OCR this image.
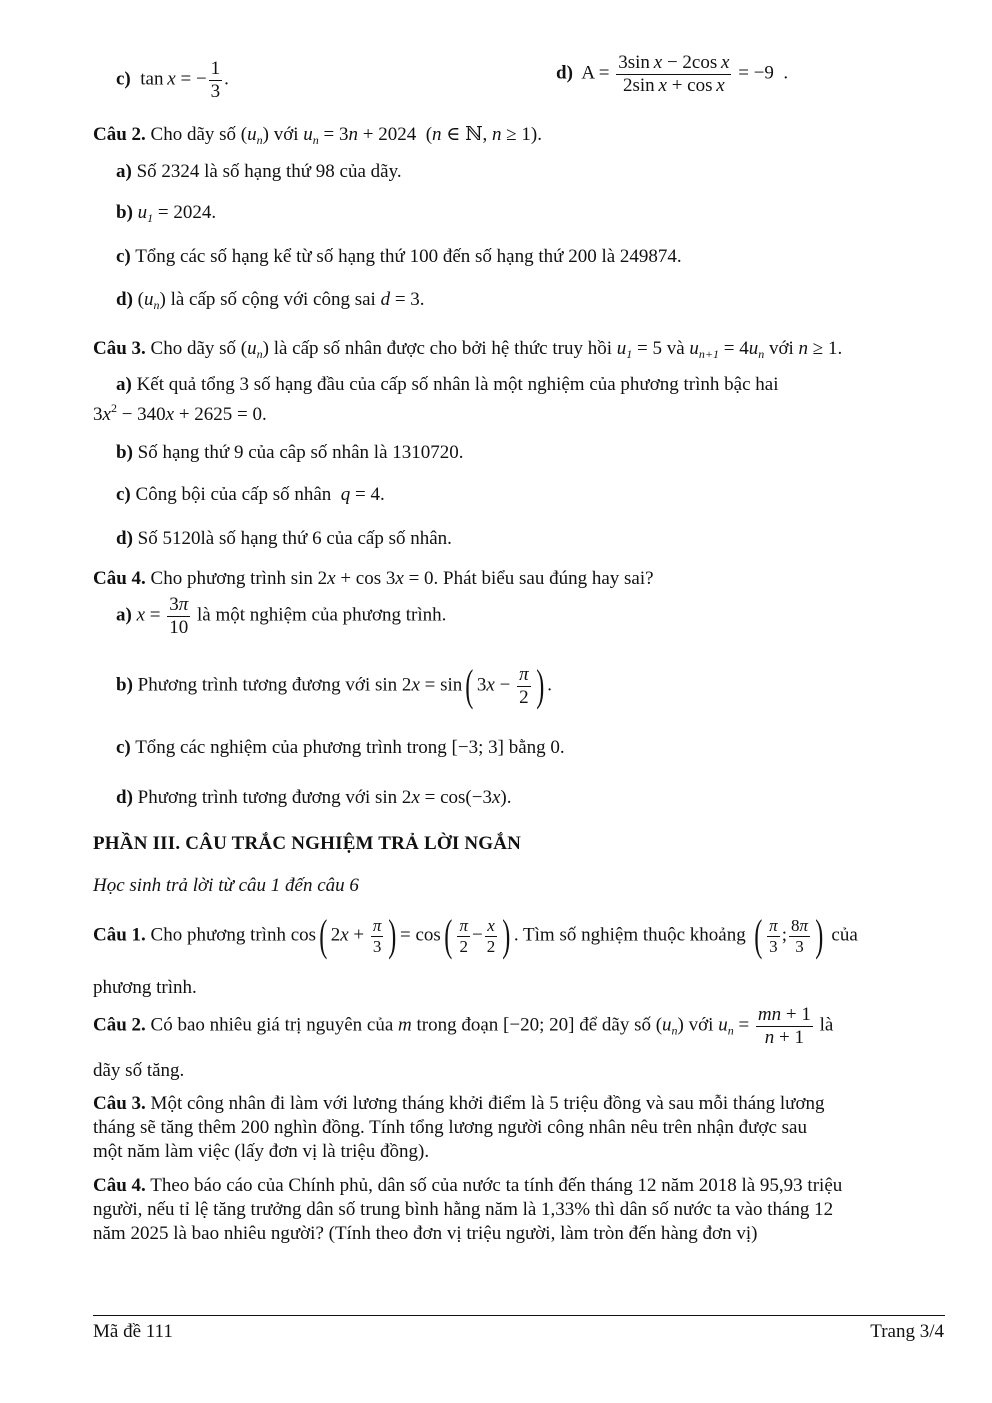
c) tan x = − $\frac{1}{3}$ .	d)  $A = \frac{\text{3sin x − 2cos x}}{\text{2sin x + cos x}} = -9$  .
Câu 2. Cho dãy số $(u_n)$ với $u_n = 3n + 2024$  (n ∈ ℕ, n ≥ 1).
a) Số 2324 là số hạng thứ 98 của dãy.
b) $u_1 = 2024$.
c) Tổng các số hạng kể từ số hạng thứ 100 đến số hạng thứ 200 là 249874.
d) $(u_n)$ là cấp số cộng với công sai d = 3.
Câu 3. Cho dãy số $(u_n)$ là cấp số nhân được cho bởi hệ thức truy hồi $u_1 = 5$ và $u_{n+1} = 4u_n$ với n ≥ 1.
a) Kết quả tổng 3 số hạng đầu của cấp số nhân là một nghiệm của phương trình bậc hai
$3x^2 - 340x + 2625 = 0$.
b) Số hạng thứ 9 của câp số nhân là 1310720.
c) Công bội của cấp số nhân q = 4.
d) Số 5120là số hạng thứ 6 của cấp số nhân.
Câu 4. Cho phương trình sin 2x + cos 3x = 0. Phát biểu sau đúng hay sai?
a) $x = \frac{3\pi}{10}$ là một nghiệm của phương trình.
b) Phương trình tương đương với sin 2x = sin( $3x - \frac{\pi}{2}$ ) .
c) Tổng các nghiệm của phương trình trong [−3; 3] bằng 0.
d) Phương trình tương đương với sin 2x = cos(−3x).
PHẦN III. CÂU TRẮC NGHIỆM TRẢ LỜI NGẮN
Học sinh trả lời từ câu 1 đến câu 6
Câu 1. Cho phương trình cos( $2x + \frac{\pi}{3}$ ) = $\cos( \frac{\pi}{2} - \frac{x}{2}$ ) . Tìm số nghiệm thuộc khoảng ( $\frac{\pi}{3}$ ; $\frac{8\pi}{3}$ ) của
phương trình.
Câu 2. Có bao nhiêu giá trị nguyên của m trong đoạn [−20; 20] để dãy số $(u_n)$ với $u_n = \frac{mn + 1}{n + 1}$ là
dãy số tăng.
Câu 3. Một công nhân đi làm với lương tháng khởi điểm là 5 triệu đồng và sau mỗi tháng lương
tháng sẽ tăng thêm 200 nghìn đồng. Tính tổng lương người công nhân nêu trên nhận được sau
một năm làm việc (lấy đơn vị là triệu đồng).
Câu 4. Theo báo cáo của Chính phủ, dân số của nước ta tính đến tháng 12 năm 2018 là 95,93 triệu
người, nếu tỉ lệ tăng trưởng dân số trung bình hằng năm là 1,33% thì dân số nước ta vào tháng 12
năm 2025 là bao nhiêu người? (Tính theo đơn vị triệu người, làm tròn đến hàng đơn vị)
Mã đề 111	Trang 3/4
